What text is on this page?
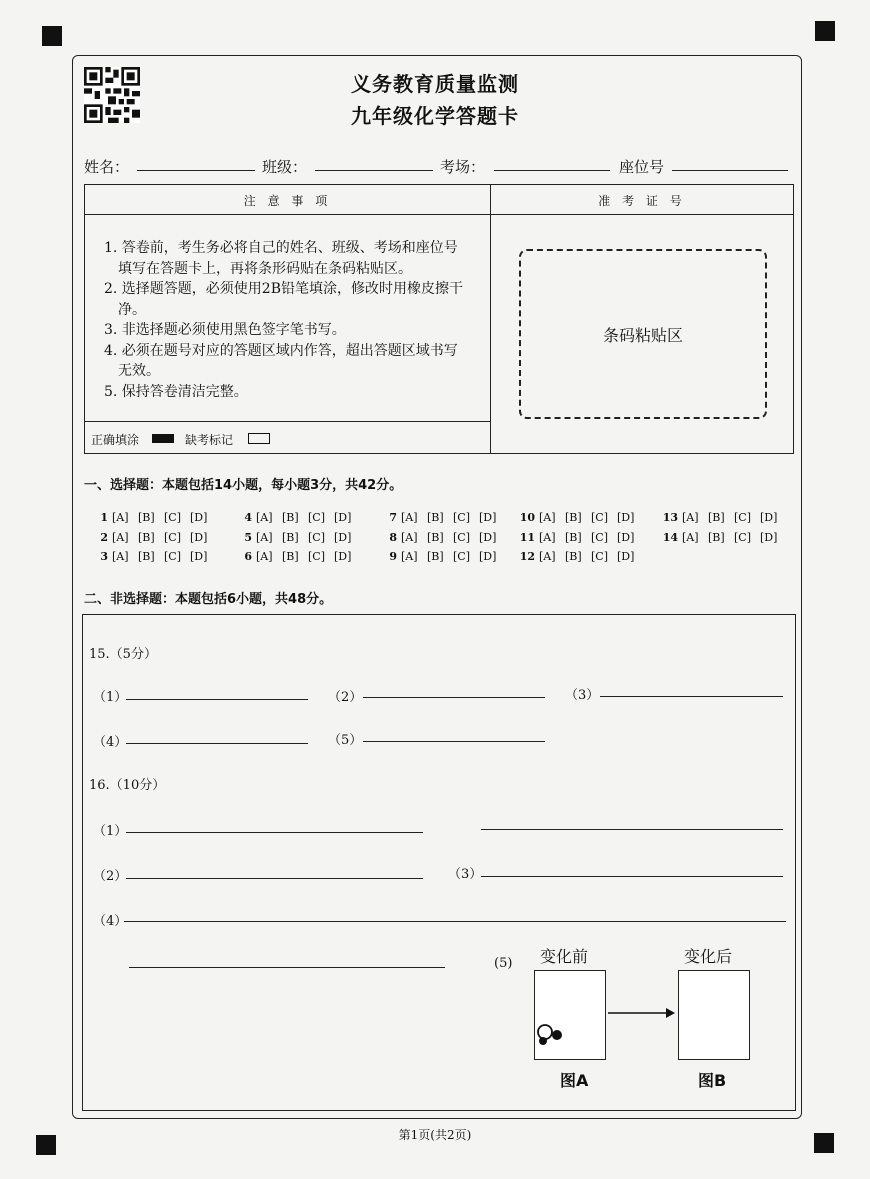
义务教育质量监测
九年级化学答题卡
姓名：	班级：	考场：	座位号
注 意 事 项	准 考 证 号
1. 答卷前，考生务必将自己的姓名、班级、考场和座位号
填写在答题卡上，再将条形码贴在条码粘贴区。
2. 选择题答题，必须使用2B铅笔填涂，修改时用橡皮擦干
净。
3. 非选择题必须使用黑色签字笔书写。
4. 必须在题号对应的答题区域内作答，超出答题区域书写
无效。
5. 保持答卷清洁完整。
正确填涂	缺考标记
条码粘贴区
一、选择题：本题包括14小题，每小题3分，共42分。
1 [A] [B] [C] [D]
2 [A] [B] [C] [D]
3 [A] [B] [C] [D]
4 [A] [B] [C] [D]
5 [A] [B] [C] [D]
6 [A] [B] [C] [D]
7 [A] [B] [C] [D]
8 [A] [B] [C] [D]
9 [A] [B] [C] [D]
10 [A] [B] [C] [D]
11 [A] [B] [C] [D]
12 [A] [B] [C] [D]
13 [A] [B] [C] [D]
14 [A] [B] [C] [D]
二、非选择题：本题包括6小题，共48分。
15.（5分）
（1）	（2）	（3）
（4）	（5）
16.（10分）
（1）
（2）	（3）
（4）
(5) 变化前	变化后
图A	图B
第1页(共2页)
